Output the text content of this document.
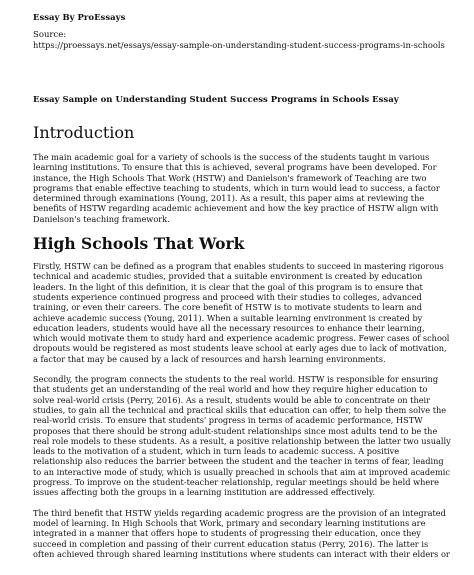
Essay By ProEssays

Source:

https://proessays.net/essays/essay-sample-on-understanding-student-success-programs-in-schools

Essay Sample on Understanding Student Success Programs in Schools Essay
Introduction

The main academic goal for a variety of schools is the success of the students taught in various learning institutions. To ensure that this is achieved, several programs have been developed. For instance, the High Schools That Work (HSTW) and Danielson's framework of Teaching are two programs that enable effective teaching to students, which in turn would lead to success, a factor determined through examinations (Young, 2011). As a result, this paper aims at reviewing the benefits of HSTW regarding academic achievement and how the key practice of HSTW align with Danielson's teaching framework.

High Schools That Work

Firstly, HSTW can be defined as a program that enables students to succeed in mastering rigorous technical and academic studies, provided that a suitable environment is created by education leaders. In the light of this definition, it is clear that the goal of this program is to ensure that students experience continued progress and proceed with their studies to colleges, advanced training, or even their careers. The core benefit of HSTW is to motivate students to learn and achieve academic success (Young, 2011). When a suitable learning environment is created by education leaders, students would have all the necessary resources to enhance their learning, which would motivate them to study hard and experience academic progress. Fewer cases of school dropouts would be registered as most students leave school at early ages due to lack of motivation, a factor that may be caused by a lack of resources and harsh learning environments.

Secondly, the program connects the students to the real world. HSTW is responsible for ensuring that students get an understanding of the real world and how they require higher education to solve real-world crisis (Perry, 2016). As a result, students would be able to concentrate on their studies, to gain all the technical and practical skills that education can offer, to help them solve the real-world crisis. To ensure that students' progress in terms of academic performance, HSTW proposes that there should be strong adult-student relationships since most adults tend to be the real role models to these students. As a result, a positive relationship between the latter two usually leads to the motivation of a student, which in turn leads to academic success. A positive relationship also reduces the barrier between the student and the teacher in terms of fear, leading to an interactive mode of study, which is usually preached in schools that aim at improved academic progress. To improve on the student-teacher relationship, regular meetings should be held where issues affecting both the groups in a learning institution are addressed effectively.

The third benefit that HSTW yields regarding academic progress are the provision of an integrated model of learning. In High Schools that Work, primary and secondary learning institutions are integrated in a manner that offers hope to students of progressing their education, once they succeed in completion and passing of their current education status (Perry, 2016). The latter is often achieved through shared learning institutions where students can interact with their elders or
